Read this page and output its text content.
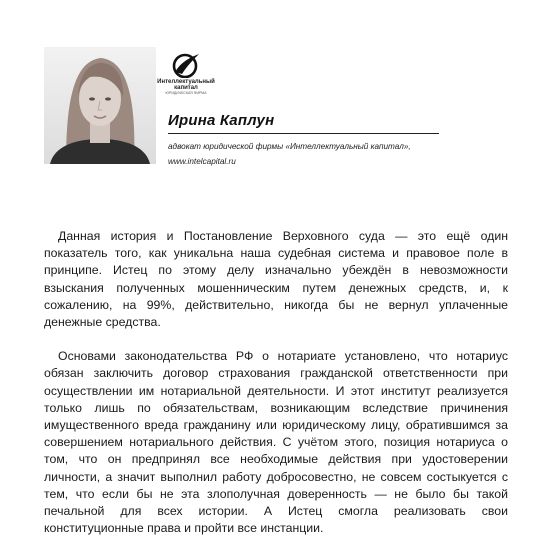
Интеллектуальный капитал
ЮРИДИЧЕСКАЯ ФИРМА
Ирина Каплун
адвокат юридической фирмы «Интеллектуальный капитал», www.intelcapital.ru

Данная история и Постановление Верховного суда — это ещё один показатель того, как уникальна наша судебная система и правовое поле в принципе. Истец по этому делу изначально убеждён в невозможности взыскания полученных мошенническим путем денежных средств, и, к сожалению, на 99%, действительно, никогда бы не вернул уплаченные денежные средства.

Основами законодательства РФ о нотариате установлено, что нотариус обязан заключить договор страхования гражданской ответственности при осуществлении им нотариальной деятельности. И этот институт реализуется только лишь по обязательствам, возникающим вследствие причинения имущественного вреда гражданину или юридическому лицу, обратившимся за совершением нотариального действия. С учётом этого, позиция нотариуса о том, что он предпринял все необходимые действия при удостоверении личности, а значит выполнил работу добросовестно, не совсем состыкуется с тем, что если бы не эта злополучная доверенность — не было бы такой печальной для всех истории. А Истец смогла реализовать свои конституционные права и пройти все инстанции.
